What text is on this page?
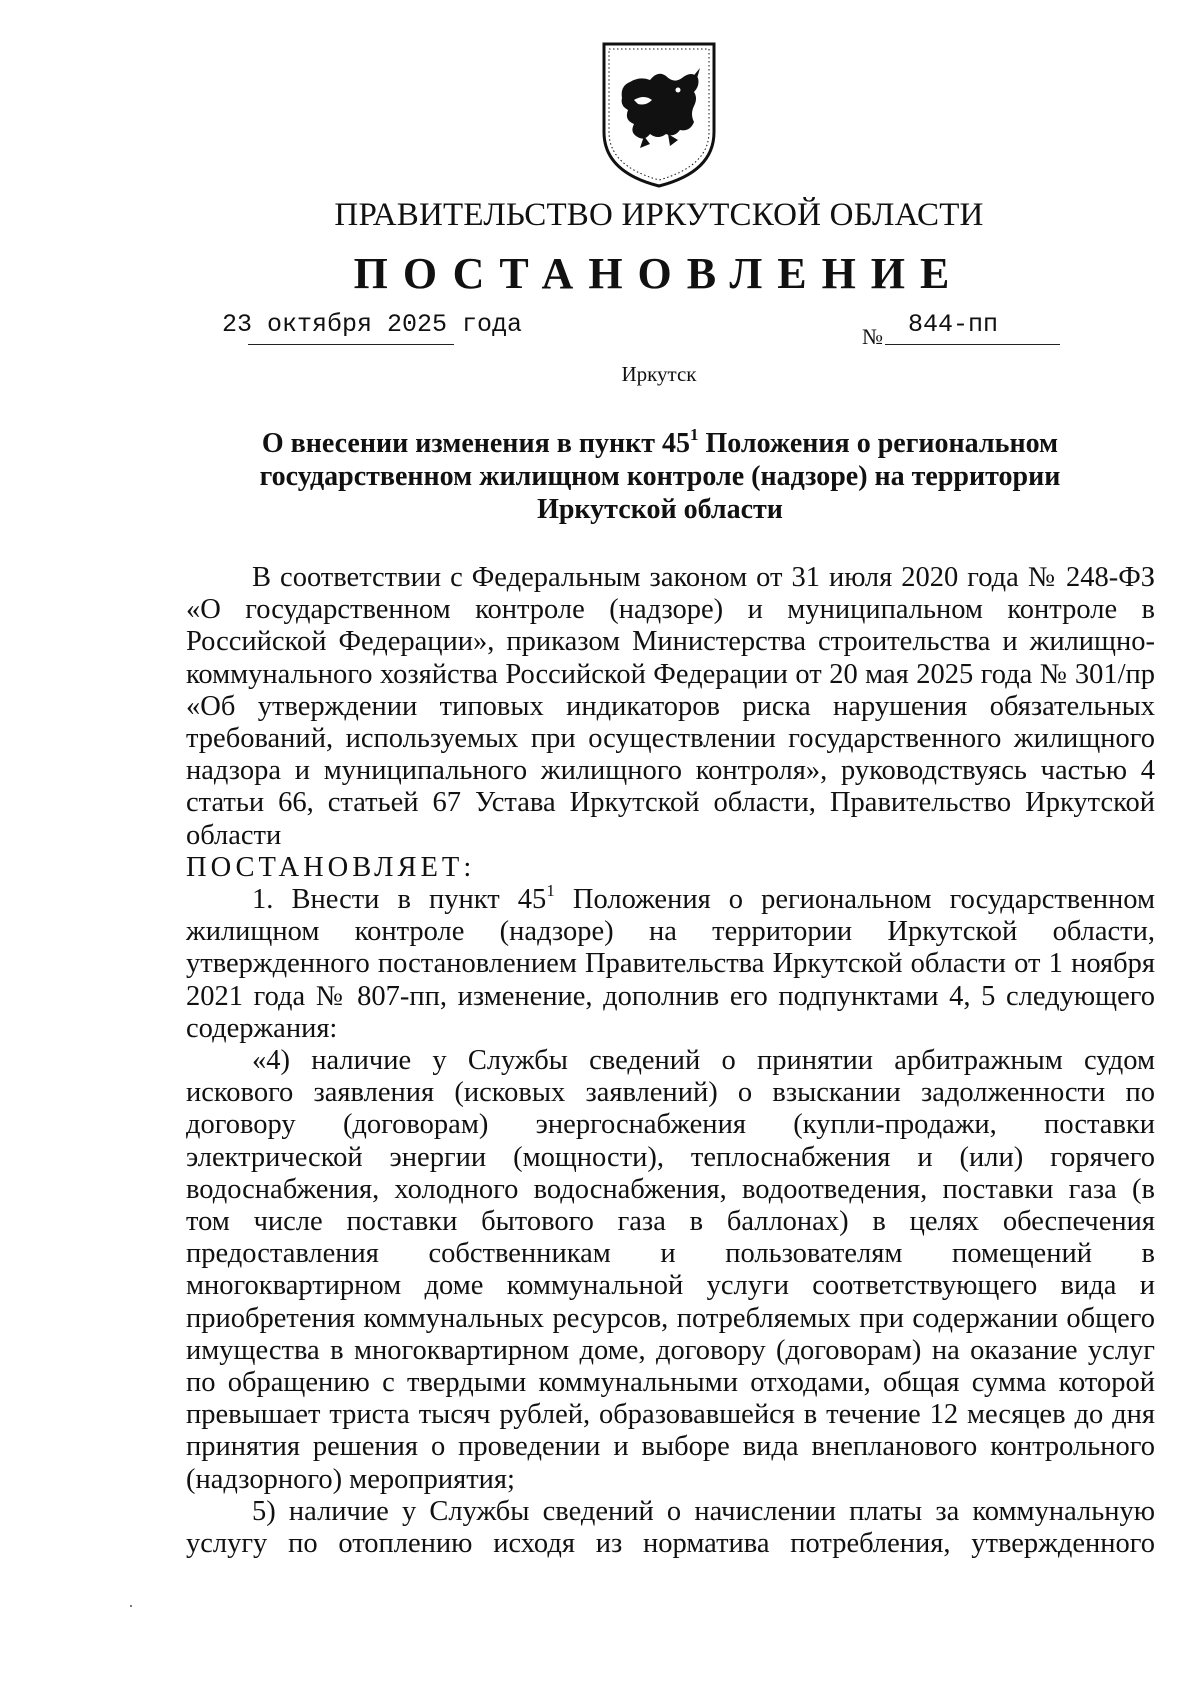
ПРАВИТЕЛЬСТВО ИРКУТСКОЙ ОБЛАСТИ
ПОСТАНОВЛЕНИЕ
23 октября 2025 года	№ 844-пп
Иркутск
О внесении изменения в пункт $45^1$ Положения о региональном
государственном жилищном контроле (надзоре) на территории
Иркутской области

В соответствии с Федеральным законом от 31 июля 2020 года № 248-ФЗ «О государственном контроле (надзоре) и муниципальном контроле в Российской Федерации», приказом Министерства строительства и жилищно-коммунального хозяйства Российской Федерации от 20 мая 2025 года № 301/пр «Об утверждении типовых индикаторов риска нарушения обязательных требований, используемых при осуществлении государственного жилищного надзора и муниципального жилищного контроля», руководствуясь частью 4 статьи 66, статьей 67 Устава Иркутской области, Правительство Иркутской области

ПОСТАНОВЛЯЕТ:

1. Внести в пункт $45^1$ Положения о региональном государственном жилищном контроле (надзоре) на территории Иркутской области, утвержденного постановлением Правительства Иркутской области от 1 ноября 2021 года № 807-пп, изменение, дополнив его подпунктами 4, 5 следующего содержания:

«4) наличие у Службы сведений о принятии арбитражным судом искового заявления (исковых заявлений) о взыскании задолженности по договору (договорам) энергоснабжения (купли-продажи, поставки электрической энергии (мощности), теплоснабжения и (или) горячего водоснабжения, холодного водоснабжения, водоотведения, поставки газа (в том числе поставки бытового газа в баллонах) в целях обеспечения предоставления собственникам и пользователям помещений в многоквартирном доме коммунальной услуги соответствующего вида и приобретения коммунальных ресурсов, потребляемых при содержании общего имущества в многоквартирном доме, договору (договорам) на оказание услуг по обращению с твердыми коммунальными отходами, общая сумма которой превышает триста тысяч рублей, образовавшейся в течение 12 месяцев до дня принятия решения о проведении и выборе вида внепланового контрольного (надзорного) мероприятия;

5) наличие у Службы сведений о начислении платы за коммунальную услугу по отоплению исходя из норматива потребления, утвержденного
